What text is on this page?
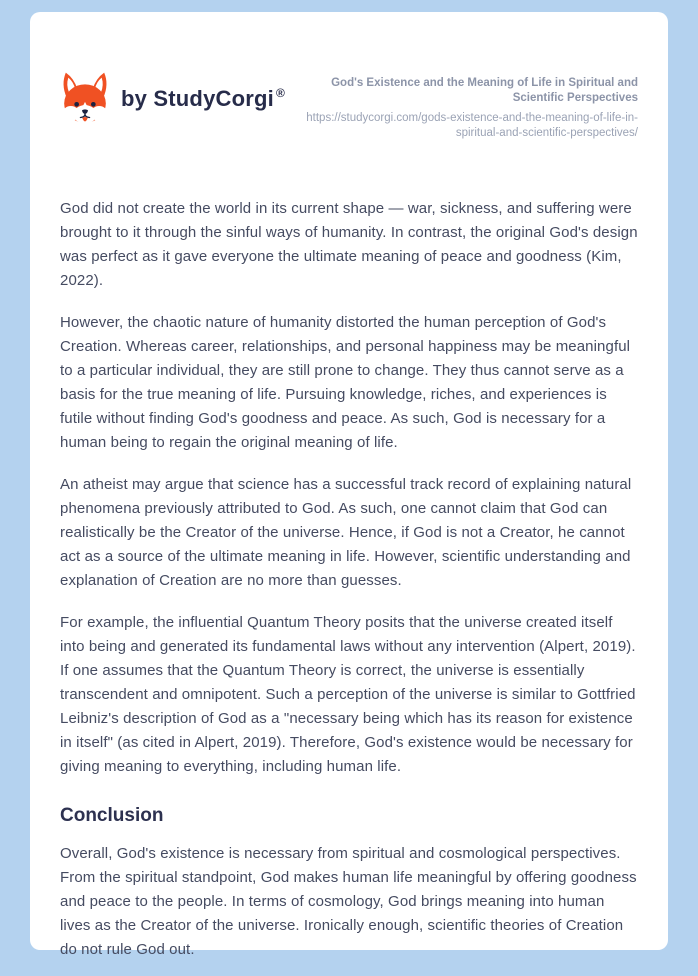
by StudyCorgi ®

God's Existence and the Meaning of Life in Spiritual and Scientific Perspectives

https://studycorgi.com/gods-existence-and-the-meaning-of-life-in-spiritual-and-scientific-perspectives/

God did not create the world in its current shape — war, sickness, and suffering were brought to it through the sinful ways of humanity. In contrast, the original God's design was perfect as it gave everyone the ultimate meaning of peace and goodness (Kim, 2022).

However, the chaotic nature of humanity distorted the human perception of God's Creation. Whereas career, relationships, and personal happiness may be meaningful to a particular individual, they are still prone to change. They thus cannot serve as a basis for the true meaning of life. Pursuing knowledge, riches, and experiences is futile without finding God's goodness and peace. As such, God is necessary for a human being to regain the original meaning of life.

An atheist may argue that science has a successful track record of explaining natural phenomena previously attributed to God. As such, one cannot claim that God can realistically be the Creator of the universe. Hence, if God is not a Creator, he cannot act as a source of the ultimate meaning in life. However, scientific understanding and explanation of Creation are no more than guesses.

For example, the influential Quantum Theory posits that the universe created itself into being and generated its fundamental laws without any intervention (Alpert, 2019). If one assumes that the Quantum Theory is correct, the universe is essentially transcendent and omnipotent. Such a perception of the universe is similar to Gottfried Leibniz's description of God as a "necessary being which has its reason for existence in itself" (as cited in Alpert, 2019). Therefore, God's existence would be necessary for giving meaning to everything, including human life.

Conclusion

Overall, God's existence is necessary from spiritual and cosmological perspectives. From the spiritual standpoint, God makes human life meaningful by offering goodness and peace to the people. In terms of cosmology, God brings meaning into human lives as the Creator of the universe. Ironically enough, scientific theories of Creation do not rule God out.
